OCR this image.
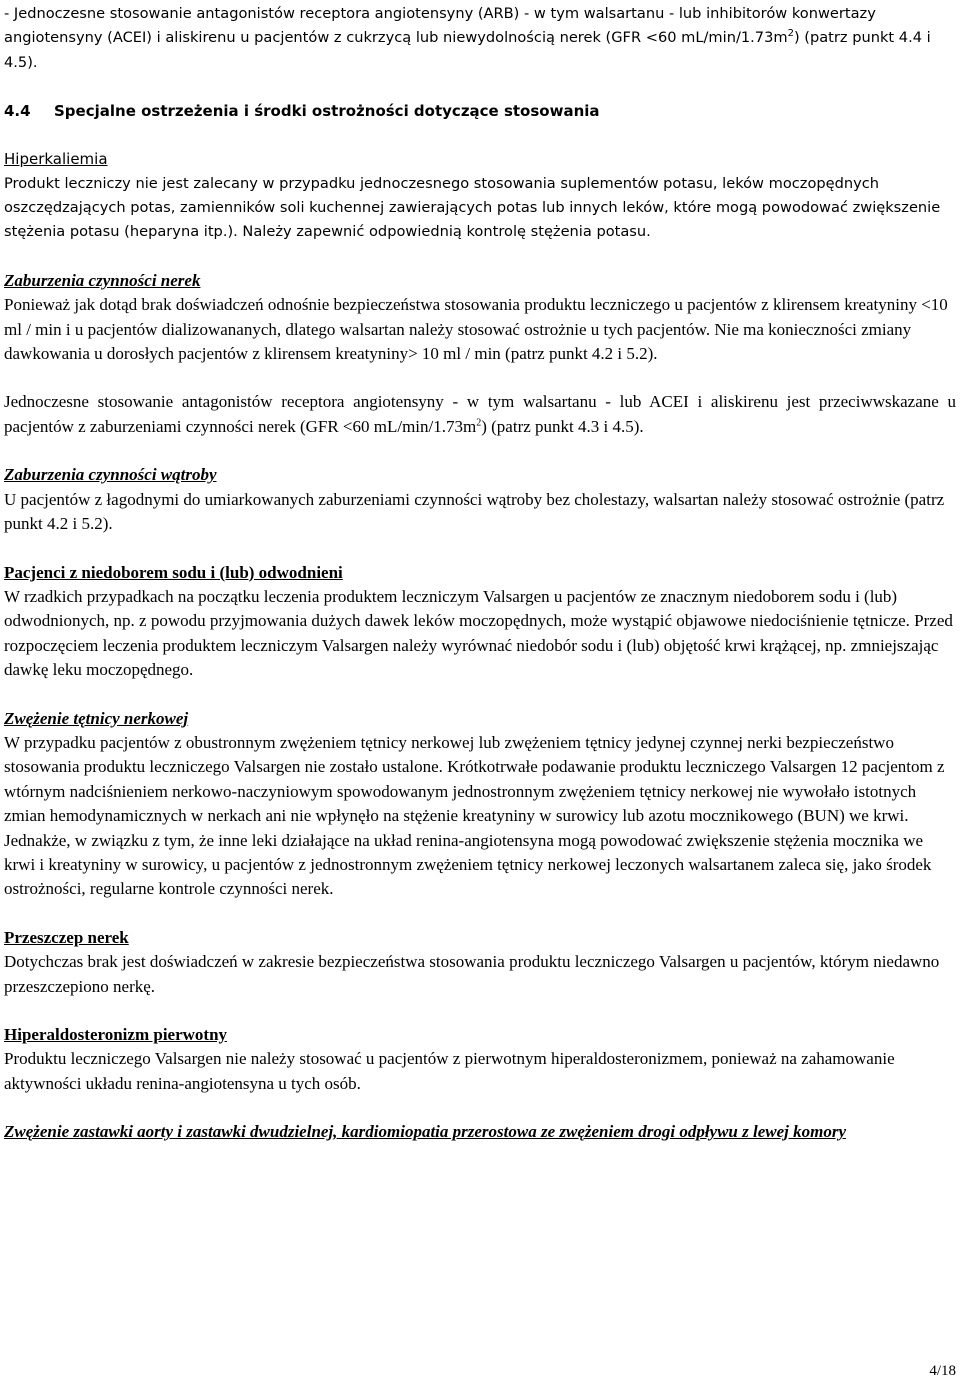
- Jednoczesne stosowanie antagonistów receptora angiotensyny (ARB) - w tym walsartanu - lub inhibitorów konwertazy angiotensyny (ACEI) i aliskirenu u pacjentów z cukrzycą lub niewydolnością nerek (GFR <60 $mL/\min/1.73m^2$) (patrz punkt 4.4 i 4.5).

4.4 Specjalne ostrzeżenia i środki ostrożności dotyczące stosowania

Hiperkaliemia

Produkt leczniczy nie jest zalecany w przypadku jednoczesnego stosowania suplementów potasu, leków moczopędnych oszczędzających potas, zamienników soli kuchennej zawierających potas lub innych leków, które mogą powodować zwiększenie stężenia potasu (heparyna itp.). Należy zapewnić odpowiednią kontrolę stężenia potasu.

Zaburzenia czynności nerek

Ponieważ jak dotąd brak doświadczeń odnośnie bezpieczeństwa stosowania produktu leczniczego u pacjentów z klirensem kreatyniny <10 ml / min i u pacjentów dializowananych, dlatego walsartan należy stosować ostrożnie u tych pacjentów. Nie ma konieczności zmiany dawkowania u dorosłych pacjentów z klirensem kreatyniny> 10 ml / min (patrz punkt 4.2 i 5.2).

Jednoczesne stosowanie antagonistów receptora angiotensyny - w tym walsartanu - lub ACEI i aliskirenu jest przeciwwskazane u pacjentów z zaburzeniami czynności nerek (GFR <60 $mL/\min/1.73m^2$) (patrz punkt 4.3 i 4.5).

Zaburzenia czynności wątroby

U pacjentów z łagodnymi do umiarkowanych zaburzeniami czynności wątroby bez cholestazy, walsartan należy stosować ostrożnie (patrz punkt 4.2 i 5.2).

Pacjenci z niedoborem sodu i (lub) odwodnieni

W rzadkich przypadkach na początku leczenia produktem leczniczym Valsargen u pacjentów ze znacznym niedoborem sodu i (lub) odwodnionych, np. z powodu przyjmowania dużych dawek leków moczopędnych, może wystąpić objawowe niedociśnienie tętnicze. Przed rozpoczęciem leczenia produktem leczniczym Valsargen należy wyrównać niedobór sodu i (lub) objętość krwi krążącej, np. zmniejszając dawkę leku moczopędnego.

Zwężenie tętnicy nerkowej

W przypadku pacjentów z obustronnym zwężeniem tętnicy nerkowej lub zwężeniem tętnicy jedynej czynnej nerki bezpieczeństwo stosowania produktu leczniczego Valsargen nie zostało ustalone. Krótkotrwałe podawanie produktu leczniczego Valsargen 12 pacjentom z wtórnym nadciśnieniem nerkowo-naczyniowym spowodowanym jednostronnym zwężeniem tętnicy nerkowej nie wywołało istotnych zmian hemodynamicznych w nerkach ani nie wpłynęło na stężenie kreatyniny w surowicy lub azotu mocznikowego (BUN) we krwi. Jednakże, w związku z tym, że inne leki działające na układ renina-angiotensyna mogą powodować zwiększenie stężenia mocznika we krwi i kreatyniny w surowicy, u pacjentów z jednostronnym zwężeniem tętnicy nerkowej leczonych walsartanem zaleca się, jako środek ostrożności, regularne kontrole czynności nerek.

Przeszczep nerek

Dotychczas brak jest doświadczeń w zakresie bezpieczeństwa stosowania produktu leczniczego Valsargen u pacjentów, którym niedawno przeszczepiono nerkę.

Hiperaldosteronizm pierwotny

Produktu leczniczego Valsargen nie należy stosować u pacjentów z pierwotnym hiperaldosteronizmem, ponieważ na zahamowanie aktywności układu renina-angiotensyna u tych osób.

Zwężenie zastawki aorty i zastawki dwudzielnej, kardiomiopatia przerostowa ze zwężeniem drogi odpływu z lewej komory

4/18
